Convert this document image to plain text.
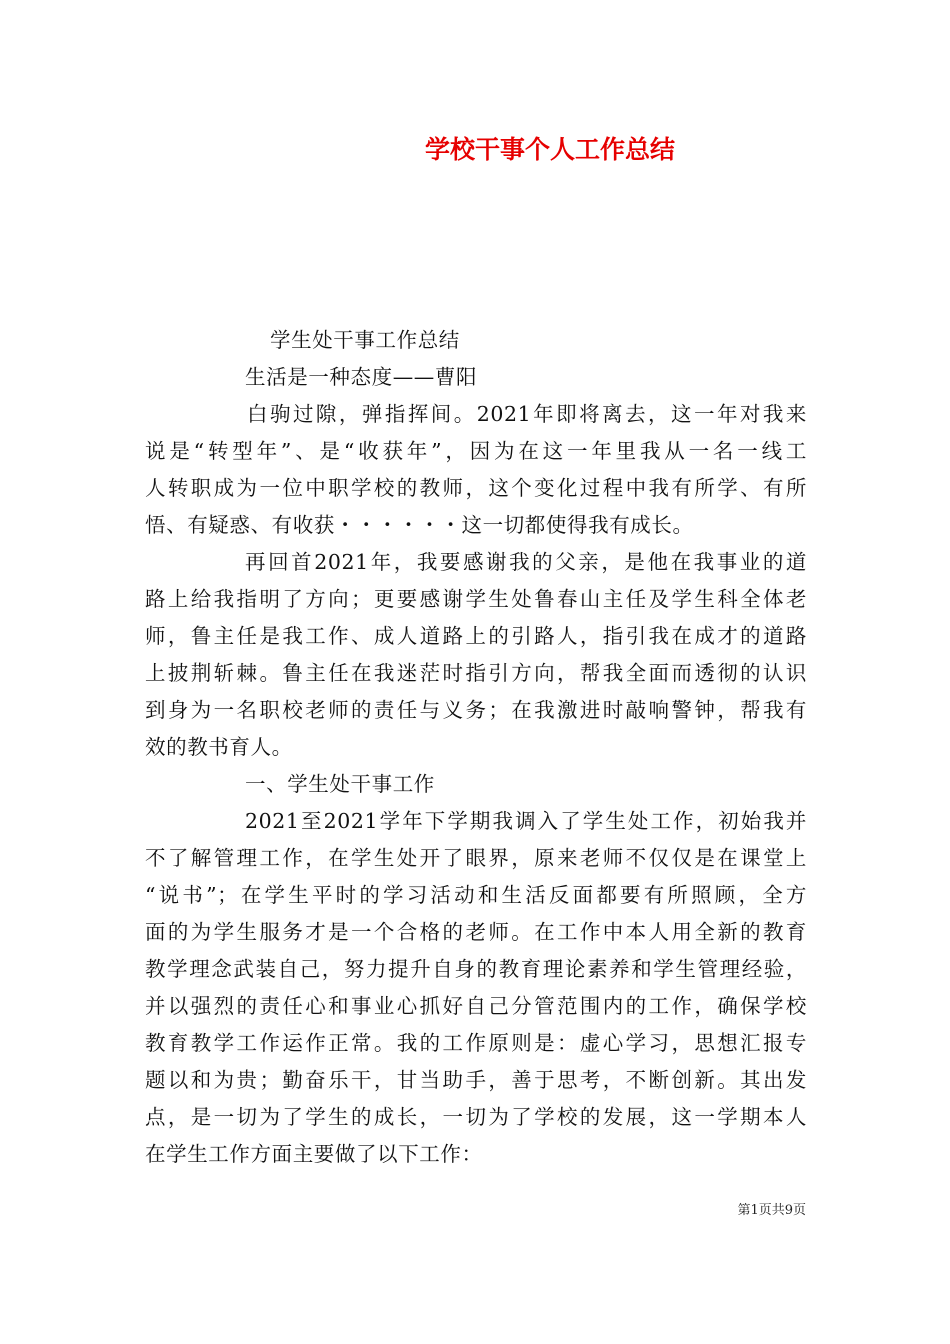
学校干事个人工作总结
学生处干事工作总结
生活是一种态度——曹阳
白驹过隙，弹指挥间。2021年即将离去，这一年对我来
说是“转型年”、是“收获年”，因为在这一年里我从一名一线工
人转职成为一位中职学校的教师，这个变化过程中我有所学、有所
悟、有疑惑、有收获・・・・・・这一切都使得我有成长。
再回首2021年，我要感谢我的父亲，是他在我事业的道
路上给我指明了方向；更要感谢学生处鲁春山主任及学生科全体老
师，鲁主任是我工作、成人道路上的引路人，指引我在成才的道路
上披荆斩棘。鲁主任在我迷茫时指引方向，帮我全面而透彻的认识
到身为一名职校老师的责任与义务；在我激进时敲响警钟，帮我有
效的教书育人。
一、学生处干事工作
2021至2021学年下学期我调入了学生处工作，初始我并
不了解管理工作，在学生处开了眼界，原来老师不仅仅是在课堂上
“说书”；在学生平时的学习活动和生活反面都要有所照顾，全方
面的为学生服务才是一个合格的老师。在工作中本人用全新的教育
教学理念武装自己，努力提升自身的教育理论素养和学生管理经验，
并以强烈的责任心和事业心抓好自己分管范围内的工作，确保学校
教育教学工作运作正常。我的工作原则是：虚心学习，思想汇报专
题以和为贵；勤奋乐干，甘当助手，善于思考，不断创新。其出发
点，是一切为了学生的成长，一切为了学校的发展，这一学期本人
在学生工作方面主要做了以下工作：
第1页共9页
